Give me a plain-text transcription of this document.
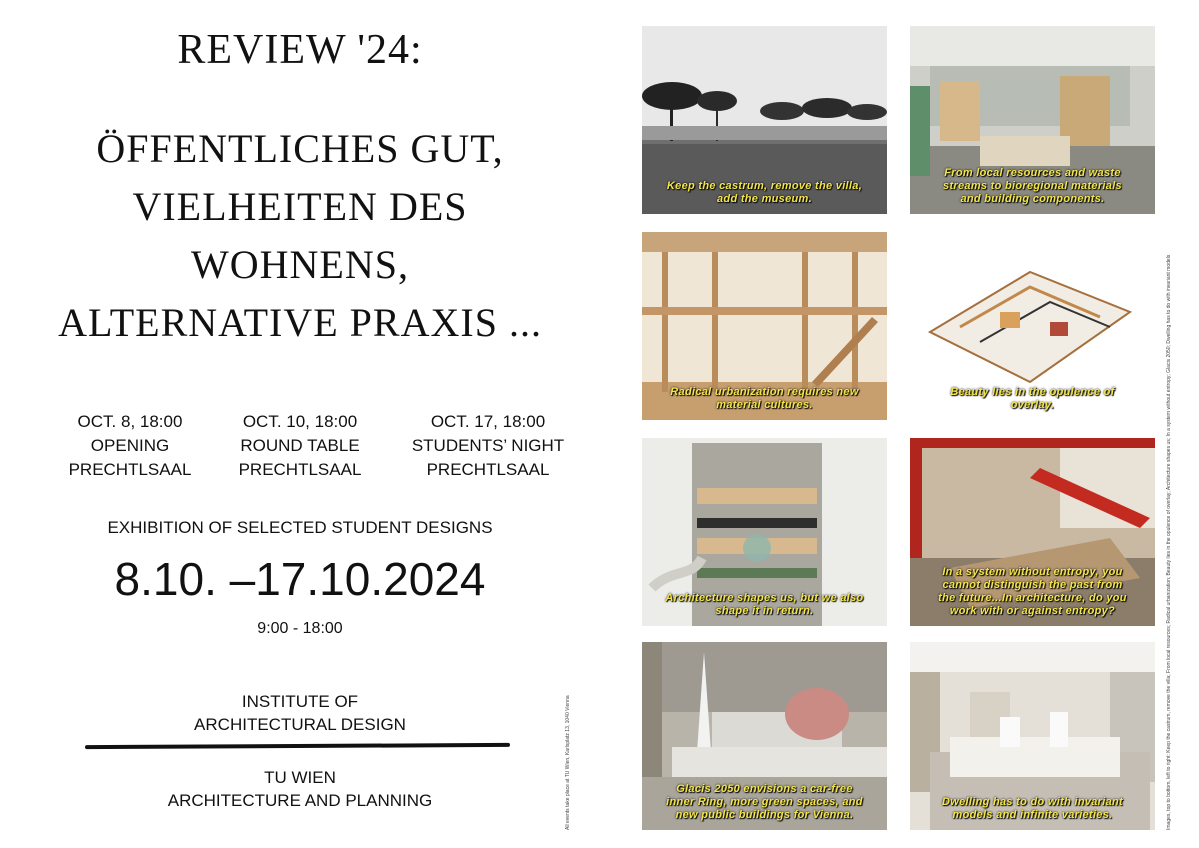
REVIEW '24:
ÖFFENTLICHES GUT,
VIELHEITEN DES
WOHNENS,
ALTERNATIVE PRAXIS ...
OCT. 8, 18:00
OPENING
PRECHTLSAAL
OCT. 10, 18:00
ROUND TABLE
PRECHTLSAAL
OCT. 17, 18:00
STUDENTS’ NIGHT
PRECHTLSAAL
EXHIBITION OF SELECTED STUDENT DESIGNS
8.10. –17.10.2024
9:00 - 18:00
INSTITUTE OF
ARCHITECTURAL DESIGN
TU WIEN
ARCHITECTURE AND PLANNING	All events take place at TU Wien, Karlsplatz 13, 1040 Vienna	Images, top to bottom, left to right: Keep the castrum, remove the villa; From local resources; Radical urbanization; Beauty lies in the opulence of overlay; Architecture shapes us; In a system without entropy; Glacis 2050; Dwelling has to do with invariant models
Keep the castrum, remove the villa,
add the museum.
From local resources and waste
streams to bioregional materials
and building components.
Radical urbanization requires new
material cultures.
Beauty lies in the opulence of
overlay.
Architecture shapes us, but we also
shape it in return.
In a system without entropy, you
cannot distinguish the past from
the future...In architecture, do you
work with or against entropy?
Glacis 2050 envisions a car-free
inner Ring, more green spaces, and
new public buildings for Vienna.
Dwelling has to do with invariant
models and infinite varieties.
